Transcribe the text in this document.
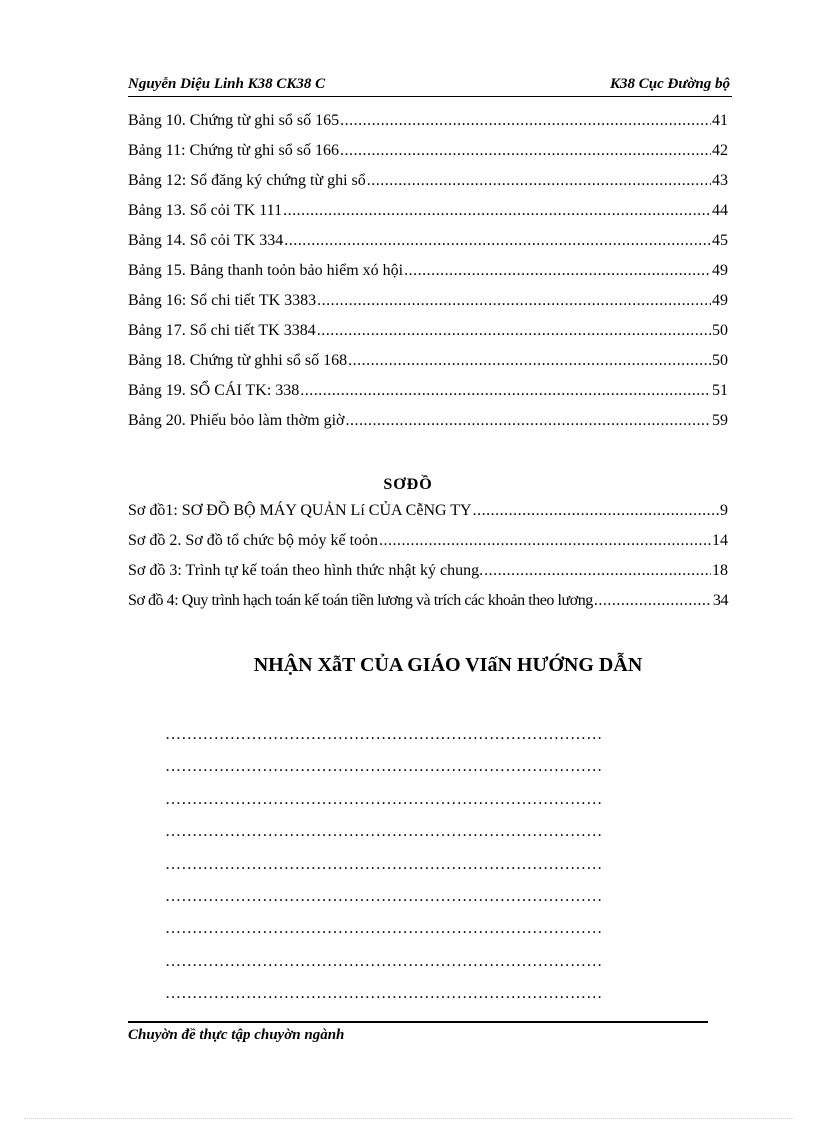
Nguyễn Diệu Linh K38 CK38 C	K38 Cục Đường bộ
Bảng 10. Chứng từ ghi sổ số 165 .....	41
Bảng 11: Chứng từ ghi sổ số 166 .....	42
Bảng 12: Sổ đăng ký chứng từ ghi sổ .....	43
Bảng 13. Sổ cỏi TK 111 .....	44
Bảng 14. Sổ cỏi TK 334 .....	45
Bảng 15. Bảng thanh toỏn bảo hiểm xó hội .....	49
Bảng 16: Sổ chi tiết TK 3383 .....	49
Bảng 17. Sổ chi tiết TK 3384 .....	50
Bảng 18. Chứng từ ghhi sổ số 168 .....	50
Bảng 19. SỔ CÁI TK: 338 .....	51
Bảng 20. Phiếu bỏo làm thờm giờ .....	59
SƠĐỒ
Sơ đồ1: SƠ ĐỒ BỘ MÁY QUẢN Lí CỦA CễNG TY .....	9
Sơ đồ 2. Sơ đồ tổ chức bộ mỏy kế toỏn .....	14
Sơ đồ 3: Trình tự kế toán theo hình thức nhật ký chung. .....	18
Sơ đồ 4: Quy trình hạch toán kế toán tiền lương và trích các khoản theo lương .....	34
NHẬN XẫT CỦA GIÁO VIấN HƯỚNG DẪN
………………………………………………………………………
………………………………………………………………………
………………………………………………………………………
………………………………………………………………………
………………………………………………………………………
………………………………………………………………………
………………………………………………………………………
………………………………………………………………………
………………………………………………………………………
Chuyờn đề thực tập chuyờn ngành
